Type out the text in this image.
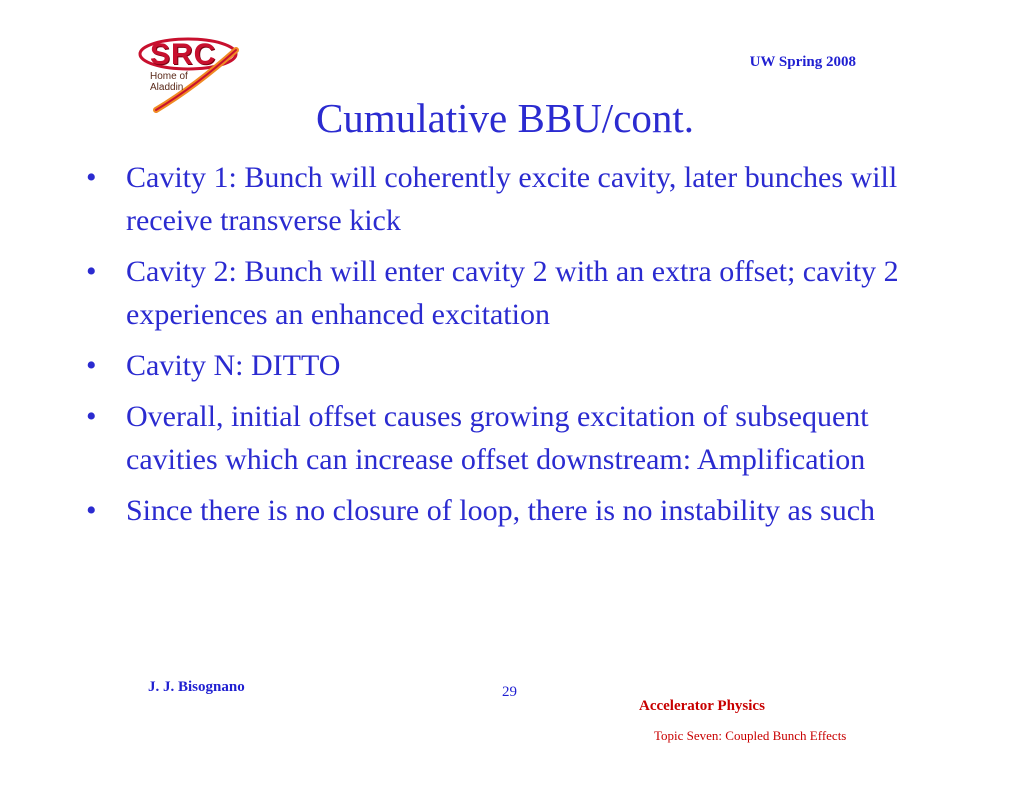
SRC
Home of Aladdin
UW Spring 2008
Cumulative BBU/cont.
• Cavity 1: Bunch will coherently excite cavity, later bunches will receive transverse kick
• Cavity 2: Bunch will enter cavity 2 with an extra offset; cavity 2 experiences an enhanced excitation
• Cavity N: DITTO
• Overall, initial offset causes growing excitation of subsequent cavities which can increase offset downstream: Amplification
• Since there is no closure of loop, there is no instability as such
J. J. Bisognano	29
Accelerator Physics
Topic Seven: Coupled Bunch Effects
